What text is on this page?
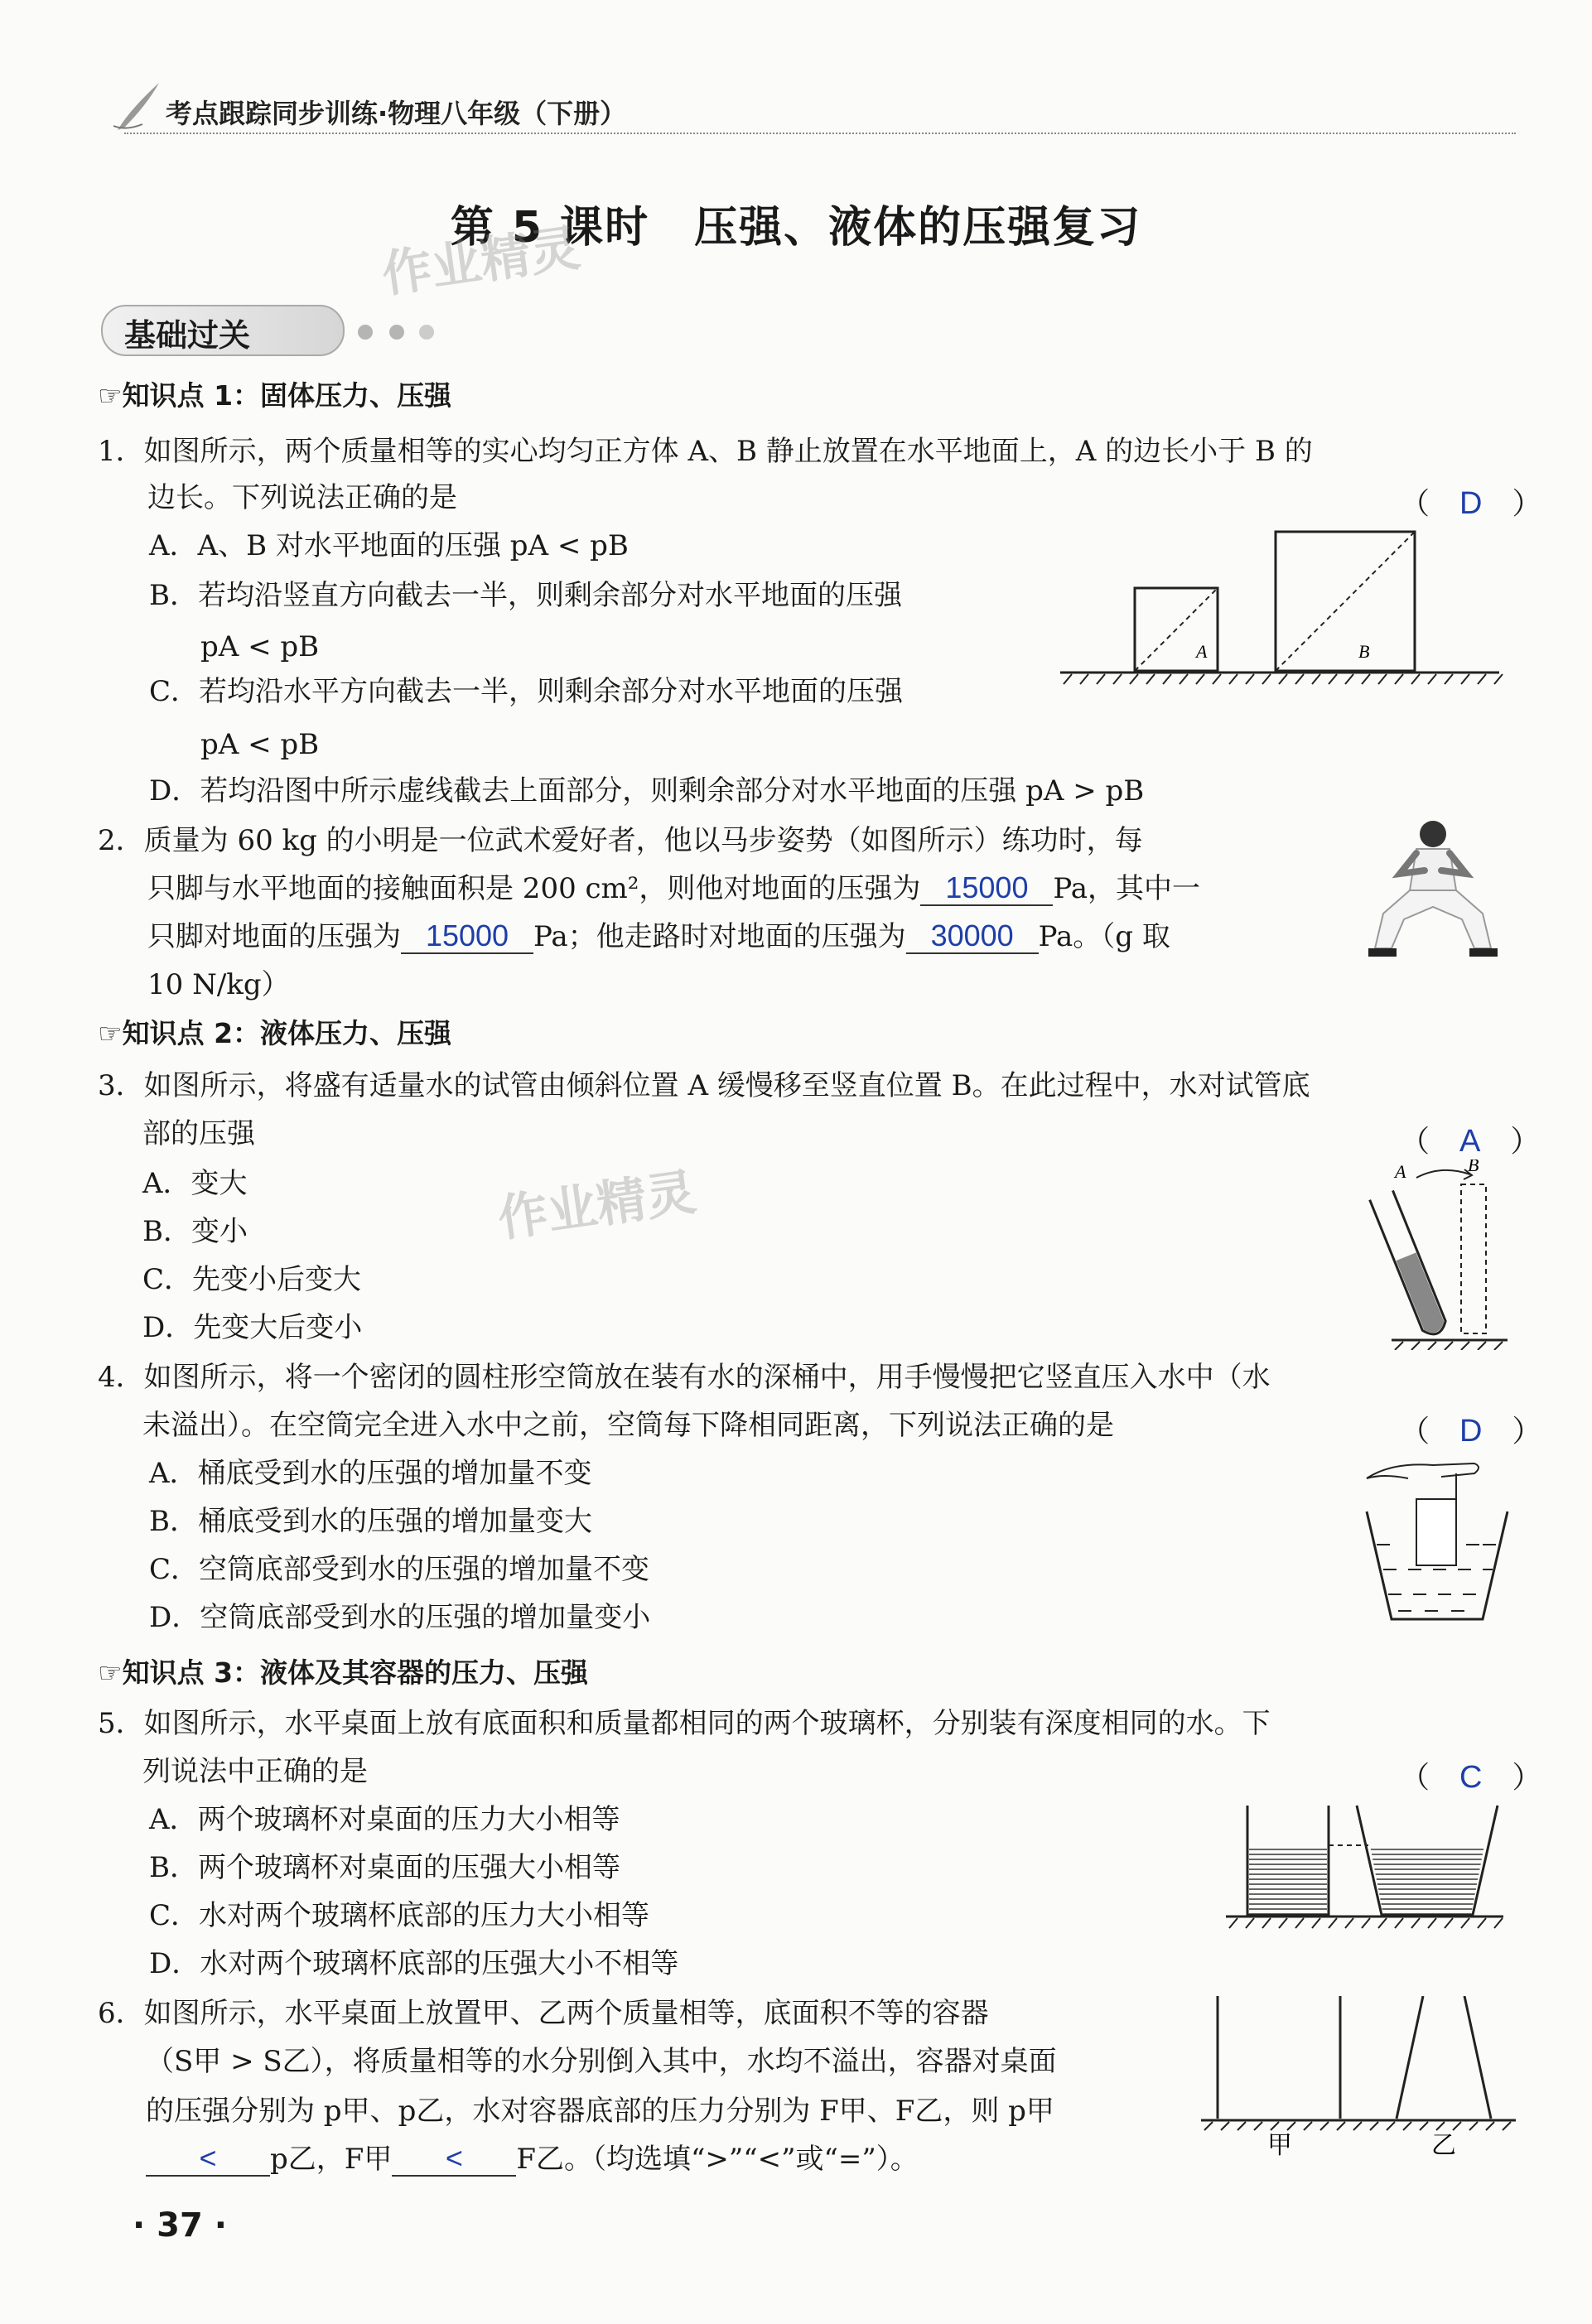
考点跟踪同步训练·物理八年级（下册）
第 5 课时　压强、液体的压强复习
作业精灵
基础过关
☞知识点 1：固体压力、压强
1．如图所示，两个质量相等的实心均匀正方体 A、B 静止放置在水平地面上，A 的边长小于 B 的
边长。下列说法正确的是	（　D　）
A．A、B 对水平地面的压强 pA < pB
B．若均沿竖直方向截去一半，则剩余部分对水平地面的压强
pA < pB
C．若均沿水平方向截去一半，则剩余部分对水平地面的压强
pA < pB
D．若均沿图中所示虚线截去上面部分，则剩余部分对水平地面的压强 pA > pB
A	B
2．质量为 60 kg 的小明是一位武术爱好者，他以马步姿势（如图所示）练功时，每
只脚与水平地面的接触面积是 200 cm²，则他对地面的压强为 15000 Pa，其中一
只脚对地面的压强为 15000 Pa；他走路时对地面的压强为 30000 Pa。（g 取
10 N/kg）
☞知识点 2：液体压力、压强
3．如图所示，将盛有适量水的试管由倾斜位置 A 缓慢移至竖直位置 B。在此过程中，水对试管底
部的压强	（　A　）
A．变大
B．变小
C．先变小后变大
D．先变大后变小
作业精灵	A	B
4．如图所示，将一个密闭的圆柱形空筒放在装有水的深桶中，用手慢慢把它竖直压入水中（水
未溢出）。在空筒完全进入水中之前，空筒每下降相同距离，下列说法正确的是	（　D　）
A．桶底受到水的压强的增加量不变
B．桶底受到水的压强的增加量变大
C．空筒底部受到水的压强的增加量不变
D．空筒底部受到水的压强的增加量变小
☞知识点 3：液体及其容器的压力、压强
5．如图所示，水平桌面上放有底面积和质量都相同的两个玻璃杯，分别装有深度相同的水。下
列说法中正确的是	（　C　）
A．两个玻璃杯对桌面的压力大小相等
B．两个玻璃杯对桌面的压强大小相等
C．水对两个玻璃杯底部的压力大小相等
D．水对两个玻璃杯底部的压强大小不相等
6．如图所示，水平桌面上放置甲、乙两个质量相等，底面积不等的容器
（S甲 > S乙），将质量相等的水分别倒入其中，水均不溢出，容器对桌面
的压强分别为 p甲、p乙，水对容器底部的压力分别为 F甲、F乙，则 p甲
< p乙，F甲 < F乙。（均选填“>”“<”或“=”）。	甲	乙
· 37 ·
